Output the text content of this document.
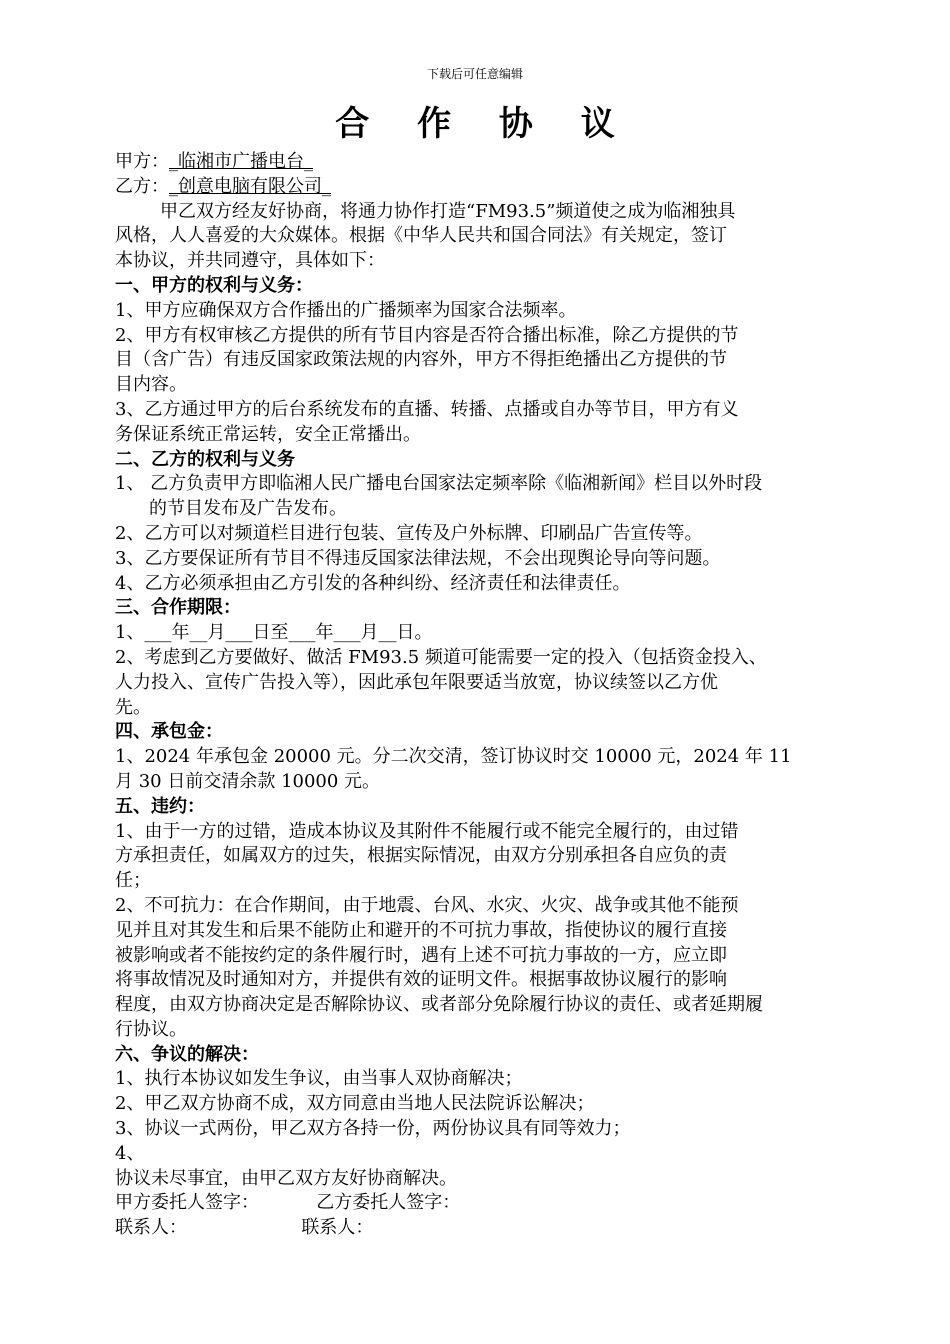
下载后可任意编辑
合 作 协 议
甲方：_临湘市广播电台_
乙方：_创意电脑有限公司_
甲乙双方经友好协商，将通力协作打造“FM93.5”频道使之成为临湘独具
风格，人人喜爱的大众媒体。根据《中华人民共和国合同法》有关规定，签订
本协议，并共同遵守，具体如下：
一、甲方的权利与义务：
1、甲方应确保双方合作播出的广播频率为国家合法频率。
2、甲方有权审核乙方提供的所有节目内容是否符合播出标准，除乙方提供的节
目（含广告）有违反国家政策法规的内容外，甲方不得拒绝播出乙方提供的节
目内容。
3、乙方通过甲方的后台系统发布的直播、转播、点播或自办等节目，甲方有义
务保证系统正常运转，安全正常播出。
二、乙方的权利与义务
1、 乙方负责甲方即临湘人民广播电台国家法定频率除《临湘新闻》栏目以外时段
的节目发布及广告发布。
2、乙方可以对频道栏目进行包装、宣传及户外标牌、印刷品广告宣传等。
3、乙方要保证所有节目不得违反国家法律法规，不会出现舆论导向等问题。
4、乙方必须承担由乙方引发的各种纠纷、经济责任和法律责任。
三、合作期限：
1、___年__月___日至___年___月__日。
2、考虑到乙方要做好、做活 FM93.5 频道可能需要一定的投入（包括资金投入、
人力投入、宣传广告投入等），因此承包年限要适当放宽，协议续签以乙方优
先。
四、承包金：
1、2024 年承包金 20000 元。分二次交清，签订协议时交 10000 元，2024 年 11
月 30 日前交清余款 10000 元。
五、违约：
1、由于一方的过错，造成本协议及其附件不能履行或不能完全履行的，由过错
方承担责任，如属双方的过失，根据实际情况，由双方分别承担各自应负的责
任；
2、不可抗力：在合作期间，由于地震、台风、水灾、火灾、战争或其他不能预
见并且对其发生和后果不能防止和避开的不可抗力事故，指使协议的履行直接
被影响或者不能按约定的条件履行时，遇有上述不可抗力事故的一方，应立即
将事故情况及时通知对方，并提供有效的证明文件。根据事故协议履行的影响
程度，由双方协商决定是否解除协议、或者部分免除履行协议的责任、或者延期履
行协议。
六、争议的解决：
1、执行本协议如发生争议，由当事人双协商解决；
2、甲乙双方协商不成，双方同意由当地人民法院诉讼解决；
3、协议一式两份，甲乙双方各持一份，两份协议具有同等效力；
4、
协议未尽事宜，由甲乙双方友好协商解决。
甲方委托人签字：          乙方委托人签字：
联系人：                    联系人：
